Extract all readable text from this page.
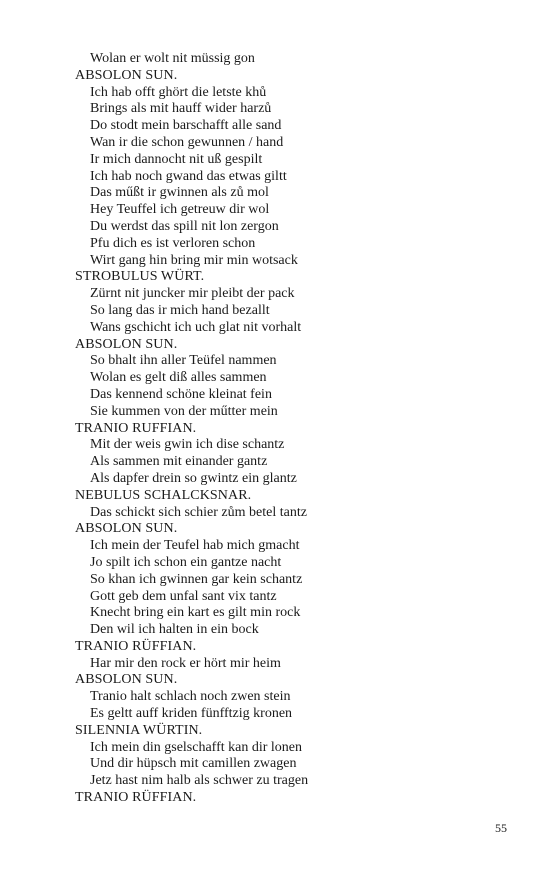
Wolan er wolt nit müssig gon
ABSOLON SUN.
Ich hab offt ghört die letste khů
Brings als mit hauff wider harzů
Do stodt mein barschafft alle sand
Wan ir die schon gewunnen / hand
Ir mich dannocht nit uß gespilt
Ich hab noch gwand das etwas giltt
Das műßt ir gwinnen als zů mol
Hey Teuffel ich getreuw dir wol
Du werdst das spill nit lon zergon
Pfu dich es ist verloren schon
Wirt gang hin bring mir min wotsack
STROBULUS WÜRT.
Zürnt nit juncker mir pleibt der pack
So lang das ir mich hand bezallt
Wans gschicht ich uch glat nit vorhalt
ABSOLON SUN.
So bhalt ihn aller Teüfel nammen
Wolan es gelt diß alles sammen
Das kennend schöne kleinat fein
Sie kummen von der műtter mein
TRANIO RUFFIAN.
Mit der weis gwin ich dise schantz
Als sammen mit einander gantz
Als dapfer drein so gwintz ein glantz
NEBULUS SCHALCKSNAR.
Das schickt sich schier zům betel tantz
ABSOLON SUN.
Ich mein der Teufel hab mich gmacht
Jo spilt ich schon ein gantze nacht
So khan ich gwinnen gar kein schantz
Gott geb dem unfal sant vix tantz
Knecht bring ein kart es gilt min rock
Den wil ich halten in ein bock
TRANIO RÜFFIAN.
Har mir den rock er hört mir heim
ABSOLON SUN.
Tranio halt schlach noch zwen stein
Es geltt auff kriden fünfftzig kronen
SILENNIA WÜRTIN.
Ich mein din gselschafft kan dir lonen
Und dir hüpsch mit camillen zwagen
Jetz hast nim halb als schwer zu tragen
TRANIO RÜFFIAN.
55
